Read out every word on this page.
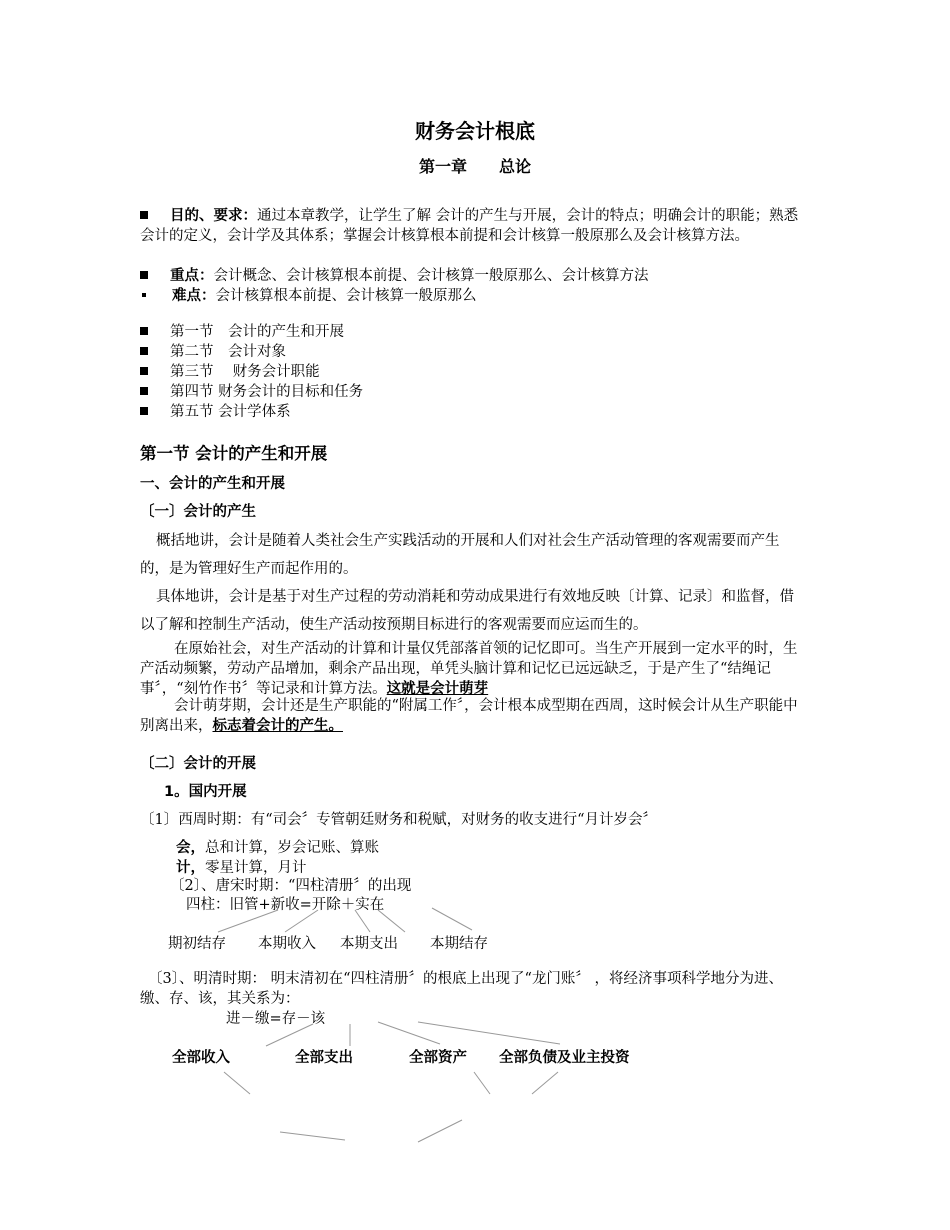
财务会计根底
第一章　　总论
目的、要求：通过本章教学，让学生了解 会计的产生与开展，会计的特点；明确会计的职能；熟悉会计的定义，会计学及其体系；掌握会计核算根本前提和会计核算一般原那么及会计核算方法。
重点：会计概念、会计核算根本前提、会计核算一般原那么、会计核算方法
难点：会计核算根本前提、会计核算一般原那么
第一节　会计的产生和开展
第二节　会计对象
第三节　 财务会计职能
第四节 财务会计的目标和任务
第五节 会计学体系
第一节 会计的产生和开展
一、会计的产生和开展
〔一〕会计的产生
概括地讲，会计是随着人类社会生产实践活动的开展和人们对社会生产活动管理的客观需要而产生的，是为管理好生产而起作用的。
具体地讲，会计是基于对生产过程的劳动消耗和劳动成果进行有效地反映〔计算、记录〕和监督，借以了解和控制生产活动，使生产活动按预期目标进行的客观需要而应运而生的。
在原始社会，对生产活动的计算和计量仅凭部落首领的记忆即可。当生产开展到一定水平的时，生产活动频繁，劳动产品增加，剩余产品出现，单凭头脑计算和记忆已远远缺乏，于是产生了“结绳记事〞，“刻竹作书〞等记录和计算方法。这就是会计萌芽
会计萌芽期，会计还是生产职能的“附属工作〞，会计根本成型期在西周，这时候会计从生产职能中别离出来，标志着会计的产生。
〔二〕会计的开展
1。国内开展
〔1〕西周时期：有“司会〞专管朝廷财务和税赋，对财务的收支进行“月计岁会〞
会，总和计算，岁会记账、算账
计，零星计算，月计
〔2〕、唐宋时期：“四柱清册〞的出现
四柱：旧管+新收=开除＋实在
期初结存 本期收入 本期支出 本期结存
〔3〕、明清时期： 明末清初在“四柱清册〞的根底上出现了“龙门账〞 ，将经济事项科学地分为进、缴、存、该，其关系为：
进－缴=存－该
全部收入	全部支出	全部资产 全部负债及业主投资
